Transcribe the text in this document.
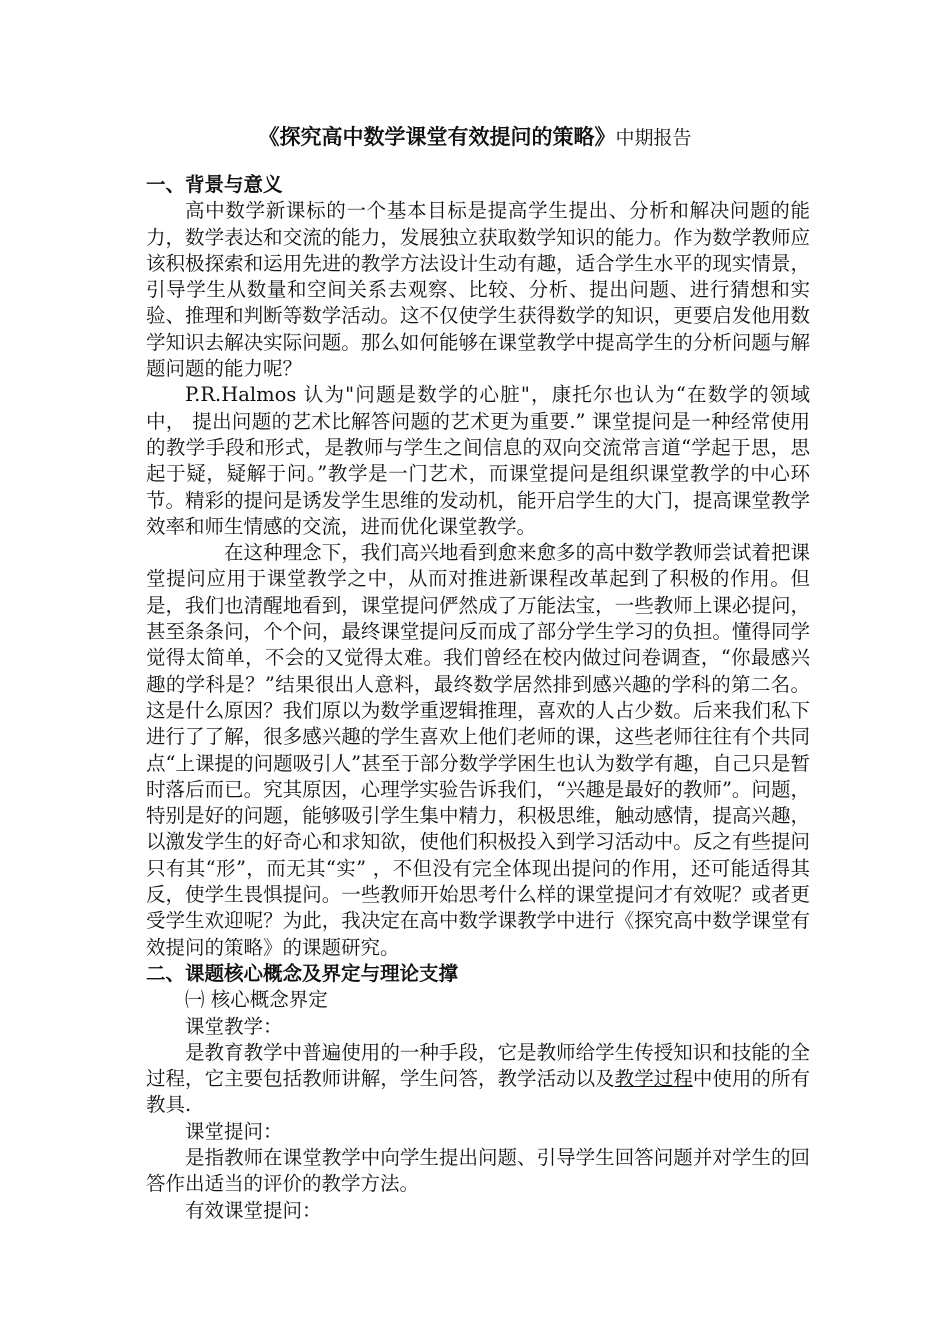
《探究高中数学课堂有效提问的策略》中期报告

一、背景与意义

高中数学新课标的一个基本目标是提高学生提出、分析和解决问题的能力，数学表达和交流的能力，发展独立获取数学知识的能力。作为数学教师应该积极探索和运用先进的教学方法设计生动有趣，适合学生水平的现实情景，引导学生从数量和空间关系去观察、比较、分析、提出问题、进行猜想和实验、推理和判断等数学活动。这不仅使学生获得数学的知识，更要启发他用数学知识去解决实际问题。那么如何能够在课堂教学中提高学生的分析问题与解题问题的能力呢？

P.R.Halmos 认为"问题是数学的心脏"，康托尔也认为“在数学的领域中， 提出问题的艺术比解答问题的艺术更为重要.” 课堂提问是一种经常使用的教学手段和形式，是教师与学生之间信息的双向交流常言道“学起于思，思起于疑，疑解于问。”教学是一门艺术，而课堂提问是组织课堂教学的中心环节。精彩的提问是诱发学生思维的发动机，能开启学生的大门，提高课堂教学效率和师生情感的交流，进而优化课堂教学。

在这种理念下，我们高兴地看到愈来愈多的高中数学教师尝试着把课堂提问应用于课堂教学之中，从而对推进新课程改革起到了积极的作用。但是，我们也清醒地看到，课堂提问俨然成了万能法宝，一些教师上课必提问，甚至条条问，个个问，最终课堂提问反而成了部分学生学习的负担。懂得同学觉得太简单，不会的又觉得太难。我们曾经在校内做过问卷调查，“你最感兴趣的学科是？”结果很出人意料，最终数学居然排到感兴趣的学科的第二名。这是什么原因？我们原以为数学重逻辑推理，喜欢的人占少数。后来我们私下进行了了解，很多感兴趣的学生喜欢上他们老师的课，这些老师往往有个共同点“上课提的问题吸引人”甚至于部分数学学困生也认为数学有趣，自己只是暂时落后而已。究其原因，心理学实验告诉我们，“兴趣是最好的教师”。问题，特别是好的问题，能够吸引学生集中精力，积极思维，触动感情，提高兴趣，以激发学生的好奇心和求知欲，使他们积极投入到学习活动中。反之有些提问只有其“形”，而无其“实” ，不但没有完全体现出提问的作用，还可能适得其反，使学生畏惧提问。一些教师开始思考什么样的课堂提问才有效呢？或者更受学生欢迎呢？为此，我决定在高中数学课教学中进行《探究高中数学课堂有效提问的策略》的课题研究。

二、课题核心概念及界定与理论支撑

㈠ 核心概念界定

课堂教学：

是教育教学中普遍使用的一种手段，它是教师给学生传授知识和技能的全过程，它主要包括教师讲解，学生问答，教学活动以及教学过程中使用的所有教具.

课堂提问：

是指教师在课堂教学中向学生提出问题、引导学生回答问题并对学生的回答作出适当的评价的教学方法。

有效课堂提问：
